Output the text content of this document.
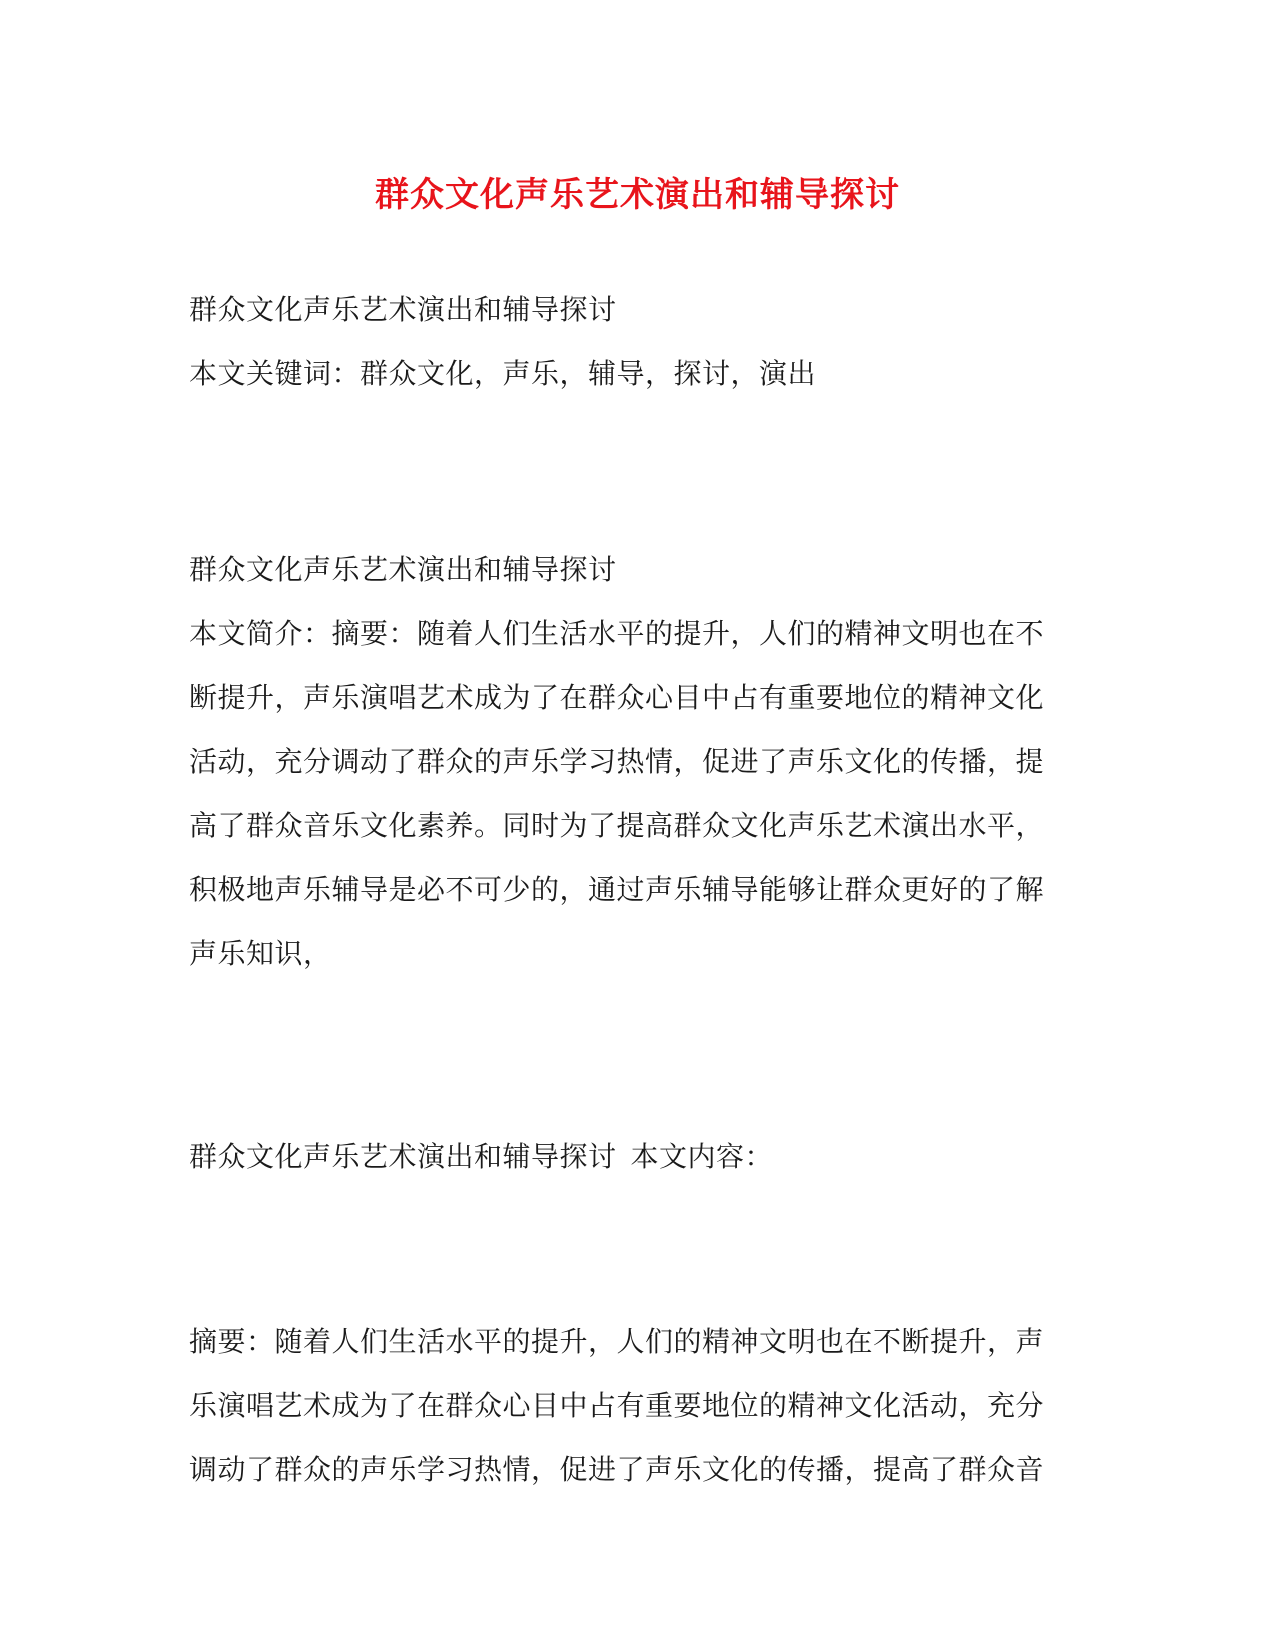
群众文化声乐艺术演出和辅导探讨
群众文化声乐艺术演出和辅导探讨
本文关键词：群众文化，声乐，辅导，探讨，演出
群众文化声乐艺术演出和辅导探讨
本文简介：摘要：随着人们生活水平的提升，人们的精神文明也在不
断提升，声乐演唱艺术成为了在群众心目中占有重要地位的精神文化
活动，充分调动了群众的声乐学习热情，促进了声乐文化的传播，提
高了群众音乐文化素养。同时为了提高群众文化声乐艺术演出水平，
积极地声乐辅导是必不可少的，通过声乐辅导能够让群众更好的了解
声乐知识，
群众文化声乐艺术演出和辅导探讨 本文内容：
摘要：随着人们生活水平的提升，人们的精神文明也在不断提升，声
乐演唱艺术成为了在群众心目中占有重要地位的精神文化活动，充分
调动了群众的声乐学习热情，促进了声乐文化的传播，提高了群众音
